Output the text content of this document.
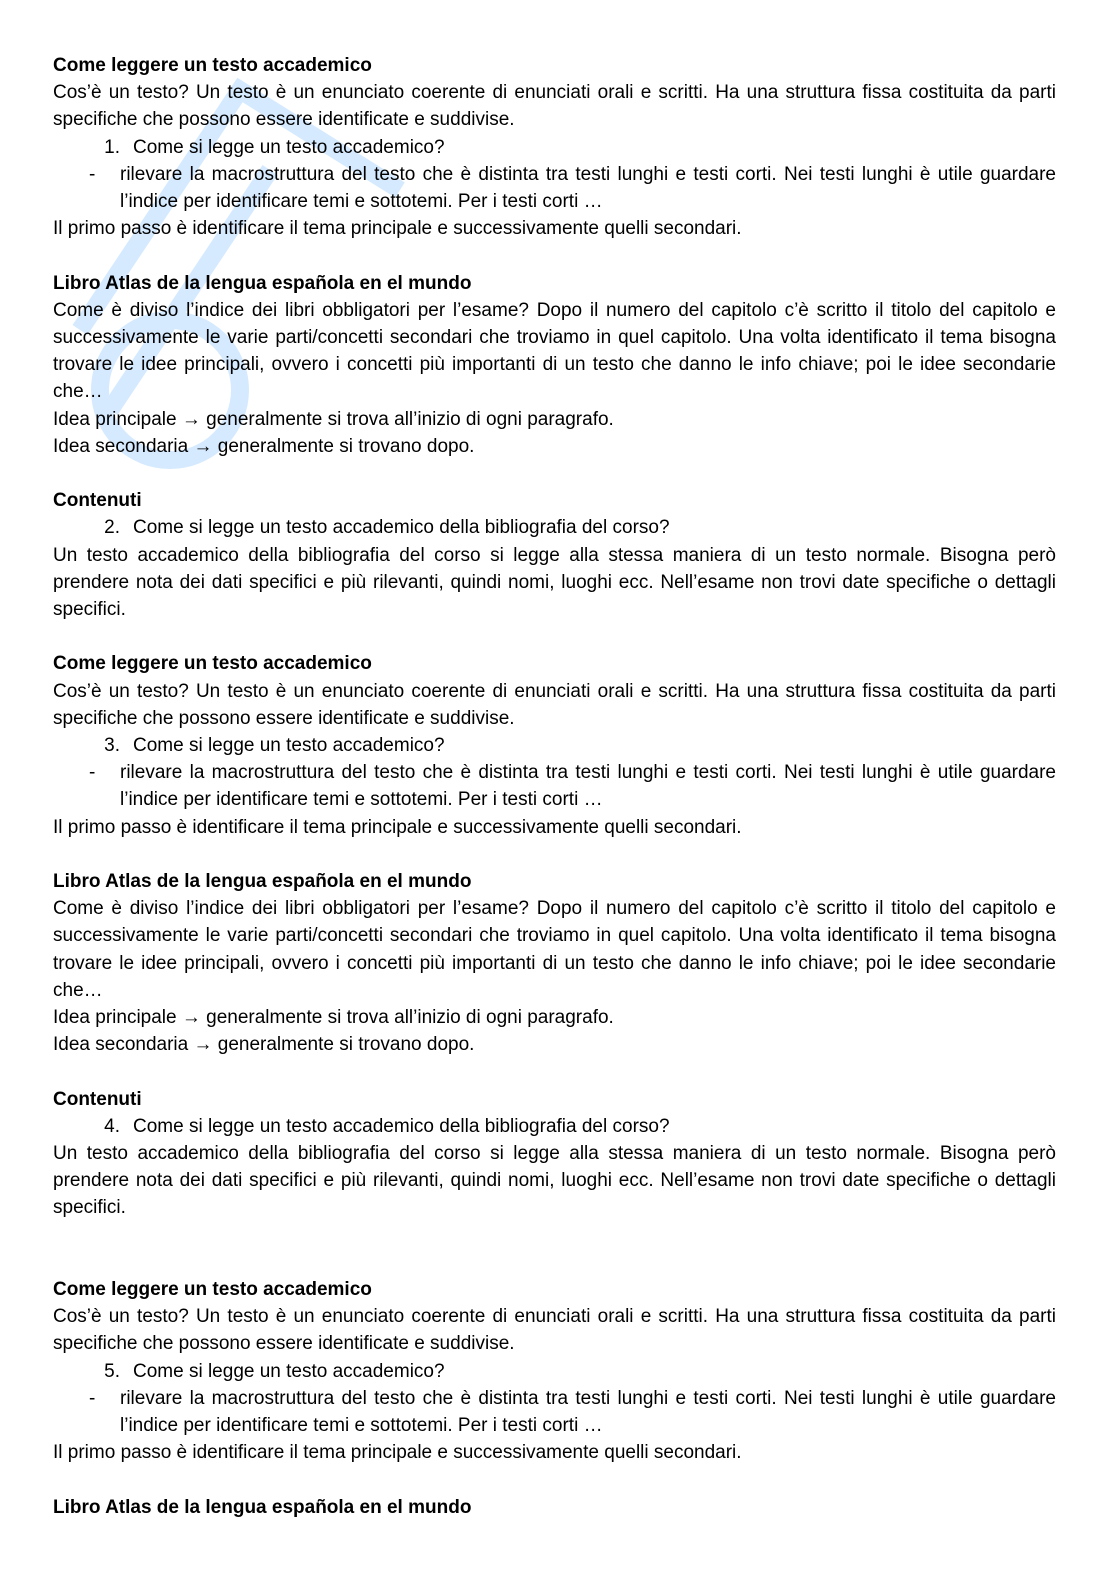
Come leggere un testo accademico

Cos’è un testo? Un testo è un enunciato coerente di enunciati orali e scritti. Ha una struttura fissa costituita da parti specifiche che possono essere identificate e suddivise.

1. Come si legge un testo accademico?
-	rilevare la macrostruttura del testo che è distinta tra testi lunghi e testi corti. Nei testi lunghi è utile guardare l’indice per identificare temi e sottotemi. Per i testi corti …

Il primo passo è identificare il tema principale e successivamente quelli secondari.

Libro Atlas de la lengua española en el mundo

Come è diviso l’indice dei libri obbligatori per l’esame? Dopo il numero del capitolo c’è scritto il titolo del capitolo e successivamente le varie parti/concetti secondari che troviamo in quel capitolo. Una volta identificato il tema bisogna trovare le idee principali, ovvero i concetti più importanti di un testo che danno le info chiave; poi le idee secondarie che…

Idea principale → generalmente si trova all’inizio di ogni paragrafo.

Idea secondaria → generalmente si trovano dopo.

Contenuti
2. Come si legge un testo accademico della bibliografia del corso?

Un testo accademico della bibliografia del corso si legge alla stessa maniera di un testo normale. Bisogna però prendere nota dei dati specifici e più rilevanti, quindi nomi, luoghi ecc. Nell’esame non trovi date specifiche o dettagli specifici.

Come leggere un testo accademico

Cos’è un testo? Un testo è un enunciato coerente di enunciati orali e scritti. Ha una struttura fissa costituita da parti specifiche che possono essere identificate e suddivise.

3. Come si legge un testo accademico?
-	rilevare la macrostruttura del testo che è distinta tra testi lunghi e testi corti. Nei testi lunghi è utile guardare l’indice per identificare temi e sottotemi. Per i testi corti …

Il primo passo è identificare il tema principale e successivamente quelli secondari.

Libro Atlas de la lengua española en el mundo

Come è diviso l’indice dei libri obbligatori per l’esame? Dopo il numero del capitolo c’è scritto il titolo del capitolo e successivamente le varie parti/concetti secondari che troviamo in quel capitolo. Una volta identificato il tema bisogna trovare le idee principali, ovvero i concetti più importanti di un testo che danno le info chiave; poi le idee secondarie che…

Idea principale → generalmente si trova all’inizio di ogni paragrafo.

Idea secondaria → generalmente si trovano dopo.

Contenuti
4. Come si legge un testo accademico della bibliografia del corso?

Un testo accademico della bibliografia del corso si legge alla stessa maniera di un testo normale. Bisogna però prendere nota dei dati specifici e più rilevanti, quindi nomi, luoghi ecc. Nell’esame non trovi date specifiche o dettagli specifici.

Come leggere un testo accademico

Cos’è un testo? Un testo è un enunciato coerente di enunciati orali e scritti. Ha una struttura fissa costituita da parti specifiche che possono essere identificate e suddivise.

5. Come si legge un testo accademico?
-	rilevare la macrostruttura del testo che è distinta tra testi lunghi e testi corti. Nei testi lunghi è utile guardare l’indice per identificare temi e sottotemi. Per i testi corti …

Il primo passo è identificare il tema principale e successivamente quelli secondari.

Libro Atlas de la lengua española en el mundo
